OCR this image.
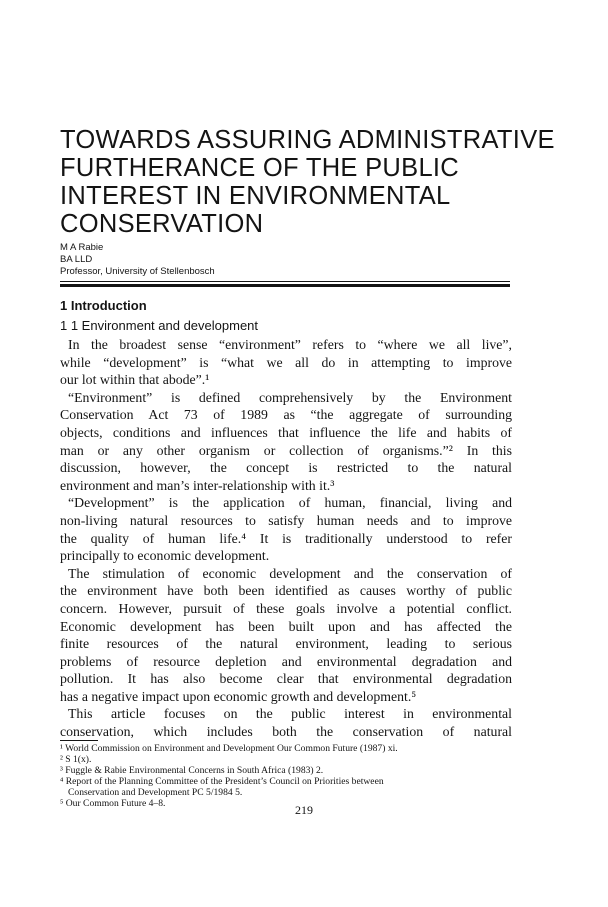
TOWARDS ASSURING ADMINISTRATIVE
FURTHERANCE OF THE PUBLIC
INTEREST IN ENVIRONMENTAL
CONSERVATION
M A Rabie
BA LLD
Professor, University of Stellenbosch
1 Introduction
1 1 Environment and development
In the broadest sense “environment” refers to “where we all live”,
while “development” is “what we all do in attempting to improve
our lot within that abode”.¹
“Environment” is defined comprehensively by the Environment
Conservation Act 73 of 1989 as “the aggregate of surrounding
objects, conditions and influences that influence the life and habits of
man or any other organism or collection of organisms.”² In this
discussion, however, the concept is restricted to the natural
environment and man’s inter-relationship with it.³
“Development” is the application of human, financial, living and
non-living natural resources to satisfy human needs and to improve
the quality of human life.⁴ It is traditionally understood to refer
principally to economic development.
The stimulation of economic development and the conservation of
the environment have both been identified as causes worthy of public
concern. However, pursuit of these goals involve a potential conflict.
Economic development has been built upon and has affected the
finite resources of the natural environment, leading to serious
problems of resource depletion and environmental degradation and
pollution. It has also become clear that environmental degradation
has a negative impact upon economic growth and development.⁵
This article focuses on the public interest in environmental
conservation, which includes both the conservation of natural
¹ World Commission on Environment and Development Our Common Future (1987) xi.
² S 1(x).
³ Fuggle & Rabie Environmental Concerns in South Africa (1983) 2.
⁴ Report of the Planning Committee of the President’s Council on Priorities between
Conservation and Development PC 5/1984 5.
⁵ Our Common Future 4–8.	219
